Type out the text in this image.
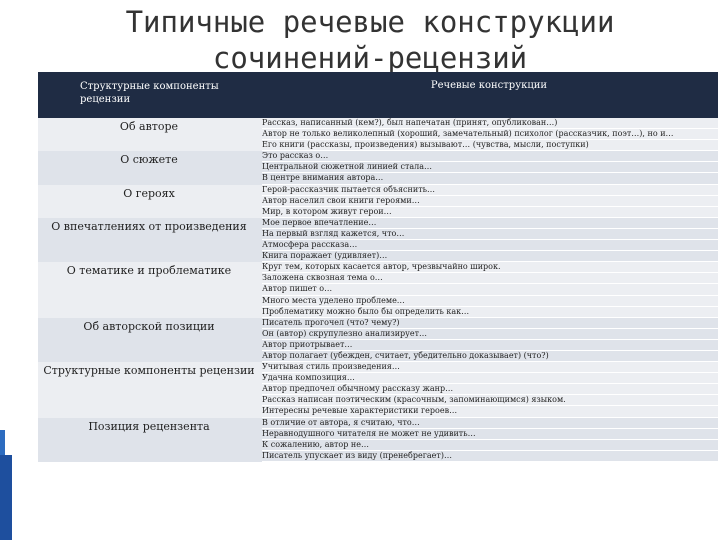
Типичные речевые конструкции
сочинений-рецензий
Структурные компоненты рецензии	Речевые конструкции

Об авторе	Рассказ, написанный (кем?), был напечатан (принят, опубликован…)
Автор не только великолепный (хороший, замечательный) психолог (рассказчик, поэт…), но и…
Его книги (рассказы, произведения) вызывают… (чувства, мысли, поступки)

О сюжете	Это рассказ о…
Центральной сюжетной линией стала…
В центре внимания автора…

О героях	Герой-рассказчик пытается объяснить…
Автор населил свои книги героями…
Мир, в котором живут герои…

О впечатлениях от произведения	Мое первое впечатление…
На первый взгляд кажется, что…
Атмосфера рассказа…
Книга поражает (удивляет)…

О тематике и проблематике	Круг тем, которых касается автор, чрезвычайно широк.
Заложена сквозная тема о…
Автор пишет о…
Много места уделено проблеме…
Проблематику можно было бы определить как…

Об авторской позиции	Писатель прогочел (что? чему?)
Он (автор) скрупулезно анализирует…
Автор приотрывает…
Автор полагает (убежден, считает, убедительно доказывает) (что?)

Структурные компоненты рецензии	Учитывая стиль произведения…
Удачна композиция…
Автор предпочел обычному рассказу жанр…
Рассказ написан поэтическим (красочным, запоминающимся) языком.
Интересны речевые характеристики героев…

Позиция рецензента	В отличие от автора, я считаю, что…
Неравнодушного читателя не может не удивить…
К сожалению, автор не…
Писатель упускает из виду (пренебрегает)…
